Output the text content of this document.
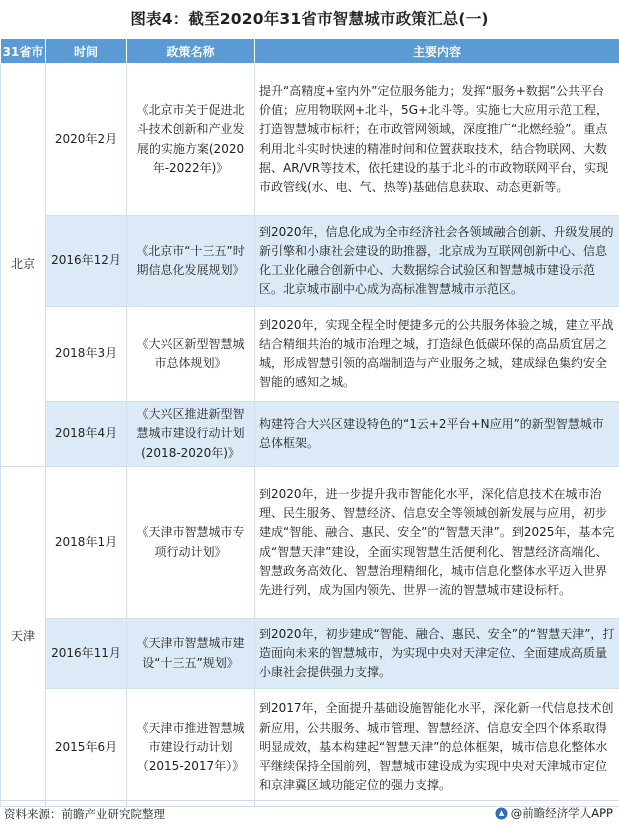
图表4：截至2020年31省市智慧城市政策汇总(一)
31省市	时间	政策名称	主要内容
北京	2020年2月	《北京市关于促进北斗技术创新和产业发展的实施方案(2020年-2022年)》	提升“高精度+室内外”定位服务能力；发挥“服务+数据”公共平台价值；应用物联网+北斗，5G+北斗等。实施七大应用示范工程，打造智慧城市标杆；在市政管网领域，深度推广“北燃经验”。重点利用北斗实时快速的精准时间和位置获取技术，结合物联网、大数据、AR/VR等技术，依托建设的基于北斗的市政物联网平台，实现市政管线(水、电、气、热等)基础信息获取、动态更新等。
	2016年12月	《北京市“十三五”时期信息化发展规划》	到2020年，信息化成为全市经济社会各领域融合创新、升级发展的新引擎和小康社会建设的助推器，北京成为互联网创新中心、信息化工业化融合创新中心、大数据综合试验区和智慧城市建设示范区。北京城市副中心成为高标准智慧城市示范区。
	2018年3月	《大兴区新型智慧城市总体规划》	到2020年，实现全程全时便捷多元的公共服务体验之城，建立平战结合精细共治的城市治理之城，打造绿色低碳环保的高品质宜居之城，形成智慧引领的高端制造与产业服务之城，建成绿色集约安全智能的感知之城。
	2018年4月	《大兴区推进新型智慧城市建设行动计划(2018-2020年)》	构建符合大兴区建设特色的“1云+2平台+N应用”的新型智慧城市总体框架。
天津	2018年1月	《天津市智慧城市专项行动计划》	到2020年，进一步提升我市智能化水平，深化信息技术在城市治理、民生服务、智慧经济、信息安全等领域创新发展与应用，初步建成“智能、融合、惠民、安全”的“智慧天津”。到2025年，基本完成“智慧天津”建设，全面实现智慧生活便利化、智慧经济高端化、智慧政务高效化、智慧治理精细化，城市信息化整体水平迈入世界先进行列，成为国内领先、世界一流的智慧城市建设标杆。
	2016年11月	《天津市智慧城市建设“十三五”规划》	到2020年，初步建成“智能、融合、惠民、安全”的“智慧天津”，打造面向未来的智慧城市，为实现中央对天津定位、全面建成高质量小康社会提供强力支撑。
	2015年6月	《天津市推进智慧城市建设行动计划（2015-2017年）》	到2017年，全面提升基础设施智能化水平，深化新一代信息技术创新应用，公共服务、城市管理、智慧经济、信息安全四个体系取得明显成效，基本构建起“智慧天津”的总体框架，城市信息化整体水平继续保持全国前列，智慧城市建设成为实现中央对天津城市定位和京津冀区域功能定位的强力支撑。
资料来源：前瞻产业研究院整理	@前瞻经济学人APP
